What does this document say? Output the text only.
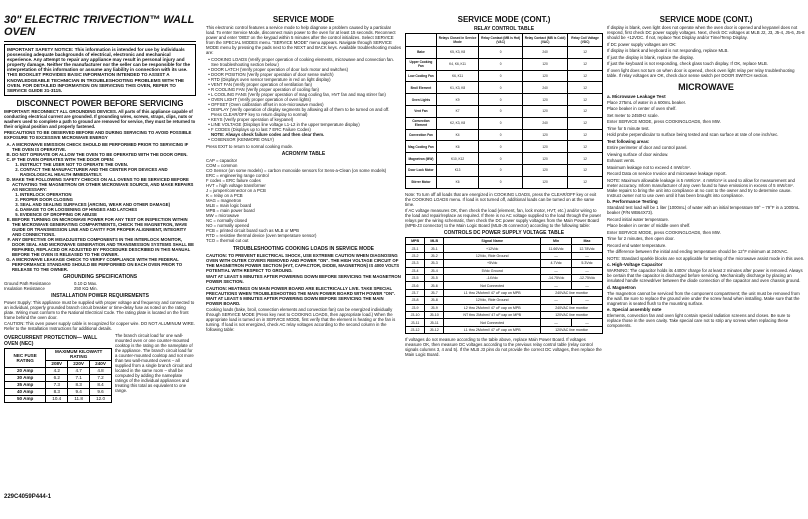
30" ELECTRIC TRIVECTION™ WALL OVEN
IMPORTANT SAFETY NOTICE: This information is intended for use by individuals possessing adequate backgrounds of electrical, electronic and mechanical experience. Any attempt to repair any appliance may result in personal injury and property damage. Neither the manufacturer nor the seller can be responsible for the interpretation of this information or assume any liability in connection with its use. THIS BOOKLET PROVIDES BASIC INFORMATION INTENDED TO ASSIST A KNOWLEDGEABLE TECHNICIAN IN TROUBLESHOOTING PROBLEMS WITH THE OVEN. FOR DETAILED INFORMATION ON SERVICING THIS OVEN, REFER TO SERVICE GUIDE 31-3115.
DISCONNECT POWER BEFORE SERVICING

IMPORTANT: RECONNECT ALL GROUNDING DEVICES. All parts of this appliance capable of conducting electrical current are grounded. If grounding wires, screws, straps, clips, nuts or washers used to complete a path to ground are removed for service, they must be returned to their original position and properly fastened.

PRECAUTIONS TO BE OBSERVED BEFORE AND DURING SERVICING TO AVOID POSSIBLE EXPOSURE TO EXCESSIVE MICROWAVE ENERGY

A. A MICROWAVE EMISSION CHECK SHOULD BE PERFORMED PRIOR TO SERVICING IF THE OVEN IS OPERATIVE.
B. DO NOT OPERATE OR ALLOW THE OVEN TO BE OPERATED WITH THE DOOR OPEN.
C. IF THE OVEN OPERATES WITH THE DOOR OPEN:
1. INSTRUCT THE USER NOT TO OPERATE THE OVEN.
2. CONTACT THE MANUFACTURER AND THE CENTER FOR DEVICES AND RADIOLOGICAL HEALTH IMMEDIATELY.
D. MAKE THE FOLLOWING SAFETY CHECKS ON ALL OVENS TO BE SERVICED BEFORE ACTIVATING THE MAGNETRON OR OTHER MICROWAVE SOURCE, AND MAKE REPAIRS AS NECESSARY:
1. INTERLOCK OPERATION
2. PROPER DOOR CLOSING
3. SEAL AND SEALING SURFACES (ARCING, WEAR AND OTHER DAMAGE)
4. DAMAGE TO OR LOOSENING OF HINGES AND LATCHES
5. EVIDENCE OF DROPPING OR ABUSE
E. BEFORE TURNING ON MICROWAVE POWER FOR ANY TEST OR INSPECTION WITHIN THE MICROWAVE GENERATING COMPARTMENTS, CHECK THE MAGNETRON, WAVE GUIDE OR TRANSMISSION LINE AND CAVITY FOR PROPER ALIGNMENT, INTEGRITY AND CONNECTIONS.
F. ANY DEFECTIVE OR MISADJUSTED COMPONENTS IN THE INTERLOCK MONITOR, DOOR SEAL AND MICROWAVE GENERATION AND TRANSMISSION SYSTEMS SHALL BE REPAIRED, REPLACED OR ADJUSTED BY PROCEDURE DESCRIBED IN THIS MANUAL BEFORE THE OVEN IS RELEASED TO THE OWNER.
G. A MICROWAVE LEAKAGE CHECK TO VERIFY COMPLIANCE WITH THE FEDERAL PERFORMANCE STANDARD SHOULD BE PERFORMED ON EACH OVEN PRIOR TO RELEASE TO THE OWNER.
GROUNDING SPECIFICATIONS
Ground Path Resistance	0.10 Ω Max.
Insulation Resistance	250 KΩ Min.
INSTALLATION POWER REQUIREMENTS

Power Supply: This appliance must be supplied with proper voltage and frequency and connected to an individual, properly grounded branch circuit breaker or time-delay fuse as noted on the rating plate. Wiring must conform to the National Electrical Code. The rating plate is located on the front frame behind the oven door.

CAUTION: This oven power supply cable is recognized for copper wire. DO NOT ALUMINUM WIRE. Refer to the Installation Instructions for additional details.

OVERCURRENT PROTECTION— WALL OVEN (NEC)
NEC FUSE RATING	MAXIMUM KILOWATT RATING		
	208V	220V	240V
20 Amp	4.2	4.7	4.8
30 Amp	6.2	7.1	7.2
35 Amp	7.3	8.3	8.4
40 Amp	8.3	9.4	9.6
50 Amp	10.4	11.8	12.0
The branch circuit load for one wall-mounted oven or one counter-mounted cooktop is the rating on the nameplate of the appliance. The branch circuit load for a counter-mounted cooktop and not more than two wall-mounted ovens – all supplied from a single branch circuit and located in the same room – shall be computed by adding the nameplate ratings of the individual appliances and treating this total as equivalent to one range.
229C4059P444-1
SERVICE MODE

This electronic control features a service mode to help diagnose a problem caused by a particular load. To enter Service Mode, disconnect main power to the oven for at least 15 seconds. Reconnect power and enter '0803' on the keypad within 5 minutes after the control initializes. Select SERVICE from the SPECIAL MODES menu. "SERVICE MODE" menu appears. Navigate through SERVICE MODE menu by pressing the pads next to the NEXT and BACK keys. Available troubleshooting modes are:

• COOKING LOADS (Verify proper operation of cooking elements, microwave and convection fan. See troubleshooting section below.)
• DOOR LATCH (Verify proper operation of door lock motor and switches)
• DOOR POSITION (Verify proper operation of door sense switch)
• RTD (Displays oven sensor temperature in red on light display)
• VENT FAN (Verify proper operation of ventilation fan)
• R COOLING FAN (Verify proper operation of cooling fan)
• L COOLING FANS (Verify proper operation of mag cooling fan, HVT fan and mag stirrer fan)
• OVEN LIGHT (Verify proper operation of oven lights)
• OFFSET (Oven calibration offset in non-microwave modes)
• DISPLAY (Verify operation of display segments by allowing all of them to be turned on and off. Press CLEAR/OFF key to return display to normal)
• KEYS (Verify proper operation of keypanel)
• LINE VOLTAGE (Displays line voltage L1-L2 in the upper temperature display)
• F CODES (Displays up to last 7 ERC Failure Codes)
NOTE: Always check failure codes and then clear them.
• COSENSOR (KENMORE ONLY)

Press EXIT to return to normal cooking mode.

ACRONYM TABLE

CAP = capacitor

COM = common

CO Sensor (on some models) = carbon monoxide sensors for Sens-a-Clean (on some models)

ERC = engineering range control

F codes = ERC failure codes

HVT = high voltage transformer

J = jumper/connector on a PCB

K = relay on a PCB

MAG = magnetron

MLB = main logic board

MPB = main power board

MW = microwave

NC = normally closed

NO = normally opened

PCB = printed circuit board such as MLB or MPB

RTD = resistive thermal device (oven temperature sensor)

TCO = thermal cut out

TROUBLESHOOTING COOKING LOADS IN SERVICE MODE

CAUTION: TO PREVENT ELECTRICAL SHOCK, USE EXTREME CAUTION WHEN DIAGNOSING OVEN WITH OUTER COVERS REMOVED AND POWER "ON". THE HIGH VOLTAGE CIRCUIT OF THE MAGNETRON POWER SECTION (HVT, CAPACITOR, DIODE, MAGNETRON) IS 4000 VOLTS POTENTIAL WITH RESPECT TO GROUND.

WAIT AT LEAST 5 MINUTES AFTER POWERING DOWN BEFORE SERVICING THE MAGNETRON POWER SECTION.

CAUTION: HEATINGS ON MAIN POWER BOARD ARE ELECTRICALLY LIVE. TAKE SPECIAL PRECAUTIONS WHEN TROUBLESHOOTING THE MAIN POWER BOARD WITH POWER "ON". WAIT AT LEAST 5 MINUTES AFTER POWERING DOWN BEFORE SERVICING THE MAIN POWER BOARD.

Cooking loads (bake, broil, convection elements and convection fan) can be energized individually through SERVICE MODE (Press key next to COOKING LOADS, then appropriate load.) When the appropriate load is turned on in SERVICE MODE, first verify that the element is heating or the fan is turning. If load is not energized, check AC relay voltages according to the second column in the following table:

SERVICE MODE (CONT.)
RELAY CONTROL TABLE
	Relays Closed in Service Mode	Relay Contact (MB is Hot) (VAC)	Relay Contact (MB is Cold) (VAC)	Relay Coil Voltage (VDC)
Bake	K5, K3, K8	0	240	12
Upper Cooking Fan	K4, K6, K11	0	120	12
Low Cooling Fan	K6, K11	0	120	12
Broil Element	K1, K3, K8	0	240	12
Oven Lights	K9	0	120	12
Vent Fan	K7	0	120	12
Convection Element	K2, K3, K8	0	240	12
Convection Fan	K4	0	120	12
Mag Cooling Fan	K6	0	120	12
Magnetron (MW)	K10, K12	0	120	12
Door Lock Motor	K13	0	120	12
Stirrer Motor	K6	0	120	12

Note: To turn off all loads that are energized in COOKING LOADS, press the CLEAR/OFF key or exit the COOKING LOADS menu. If load is not turned off, additional loads can be turned on at the same time.

If AC voltage measures OK, then check the load (element, fan, lock motor, HVT, etc.) and/or wiring to the load and repair/replace as required. If there is no AC voltage supplied to the load through the power relays per the wiring schematic, then check the DC power supply voltages from the Main Power Board (MPB-J3 connector) to the Main Logic Board (MLB-J5 connector) according to the following table:

CONTROLS DC POWER SUPPLY VOLTAGE TABLE
MPB	MLB	Signal Name	Min	Max
J3-1	J5-1	+12Vdc	11.66Vdc	12.78Vdc
J3-2	J5-2	12Vdc, Ride Ground	—	—
J3-3	J5-3	+5Vdc	4.7Vdc	5.3Vdc
J3-4	J5-4	5Vdc Ground	—	—
J3-5	J5-5	-14Vdc	-14.75Vdc	-12.75Vdc
J3-6	J5-6	Not Connected	—	—
J3-7	J5-7	L1 thru 2Mohm// 47 uF cap on MPB	240VAC line monitor	
J3-8	J5-8	12Vdc, Ride Ground	—	—
J3-9	J5-9	L2 thru 2Mohm// 47 uF cap on MPB	240VAC line monitor	
J3-10	J5-10	NT thru 2Mohm// 47 uF cap on MPB	120VAC line monitor	
J3-11	J5-11	Not Connected	—	—
J3-12	J5-12	L1 thru 2Mohm// 47 uF cap on MPB	120VAC line monitor	

If voltages do not measure according to the table above, replace Main Power Board. If voltages measure OK, then measure DC voltages according to the previous relay control table (relay control signals columns 3, 4 and 5). If the MLB J3 pins do not provide the correct DC voltages, then replace the Main Logic Board.

SERVICE MODE (CONT.)

If display is blank, oven light does not operate when the oven door is opened and keypanel does not respond, first check DC power supply voltages. Next, check DC voltages at MLB J2, J3, J5-4, J5-6, J5-8 should be +12VDC. If not, replace Text Display and/or Time/Temp Display.

If DC power supply voltages are OK:

If display is blank and keyboard is not responding, replace MLB.

If just the display is blank, replace the display.

If just the keyboard is not responding, check glass touch display. If OK, replace MLB.

If oven light does not turn on when door is opened, check oven light relay per relay troubleshooting table. If relay voltages are OK, check door sense switch per DOOR SWITCH section.

MICROWAVE
a. Microwave Leakage Test

Place 275mL of water in a 600mL beaker.

Place beaker in center of oven shelf.

Set meter to 2450Hz scale.

Enter SERVICE MODE, press COOKINGLOADS, then MW.

Time for 5 minute test.

Hold probe perpendicular to surface being tested and scan surface at rate of one inch/sec.

Test following areas:

Entire perimeter of door and control panel.

Viewing surface of door window.

Exhaust vents.

Maximum leakage not to exceed 4 mW/cm².

Record Data on service Invoice and microwave leakage report.

NOTE: Maximum allowable leakage is 5 mW/cm². 4 mW/cm² is used to allow for measurement and meter accuracy. Inform manufacturer of any oven found to have emissions in excess of 5 mW/cm². Make repairs to bring the unit into compliance at no cost to the owner and try to determine cause. Instruct owner not to use oven until it has been brought into compliance.

b. Performance Testing

Standard test load will be 1 liter (1000mL) of water with an initial temperature 59° – 79°F in a 1000mL beaker (P/N WB64X73).

Record initial water temperature.

Place beaker in center of middle oven shelf.

Enter SERVICE MODE, press COOKINGLOADS, then MW.

Time for 2 minutes, then open door.

Record end water temperature.

The difference between the initial and ending temperature should be 12°F minimum at 240VAC.

NOTE: Standard sparkle blocks are not applicable for testing of the microwave assist mode in this oven.

c. High-Voltage Capacitor

WARNING: The capacitor holds its 4400V charge for at least 2 minutes after power is removed. Always be certain that the capacitor is discharged before servicing. Mechanically discharge by placing an insulated handle screwdriver between the diode connection of the capacitor and oven chassis ground.

d. Magnetron

The magnetron cannot be serviced from the component compartment; the unit must be removed from the wall. Be sure to replace the ground wire under the screw head when installing. Make sure that the magnetron is seated flush to the mounting surface.

e. Special assembly note

Elements, convection fan and oven light contain special radiation screens and closes. Be sure to replace those in the oven cavity. Take special care not to strip any screws when replacing these components.
